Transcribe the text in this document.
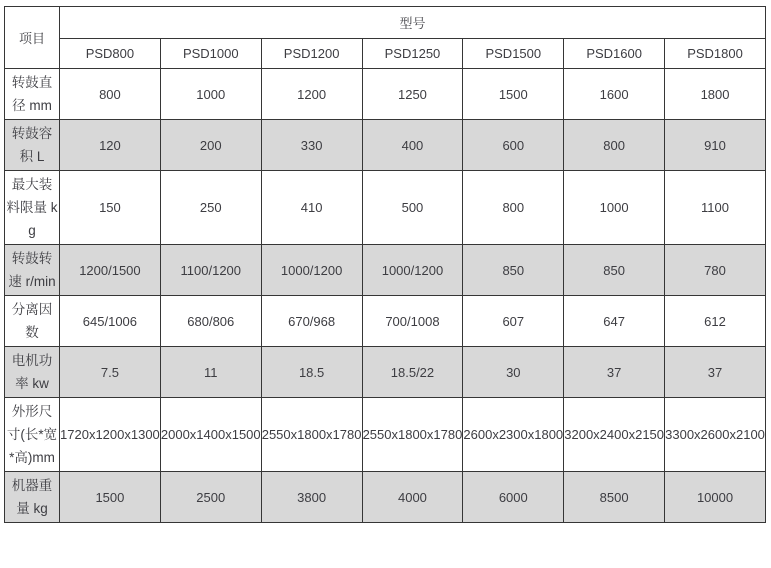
项目	型号						
	PSD800	PSD1000	PSD1200	PSD1250	PSD1500	PSD1600	PSD1800
转鼓直径 mm	800	1000	1200	1250	1500	1600	1800
转鼓容积 L	120	200	330	400	600	800	910
最大装料限量 kg	150	250	410	500	800	1000	1100
转鼓转速 r/min	1200/1500	1100/1200	1000/1200	1000/1200	850	850	780
分离因数	645/1006	680/806	670/968	700/1008	607	647	612
电机功率 kw	7.5	11	18.5	18.5/22	30	37	37
外形尺寸(长*宽*高)mm	1720x1200x1300	2000x1400x1500	2550x1800x1780	2550x1800x1780	2600x2300x1800	3200x2400x2150	3300x2600x2100
机器重量 kg	1500	2500	3800	4000	6000	8500	10000
